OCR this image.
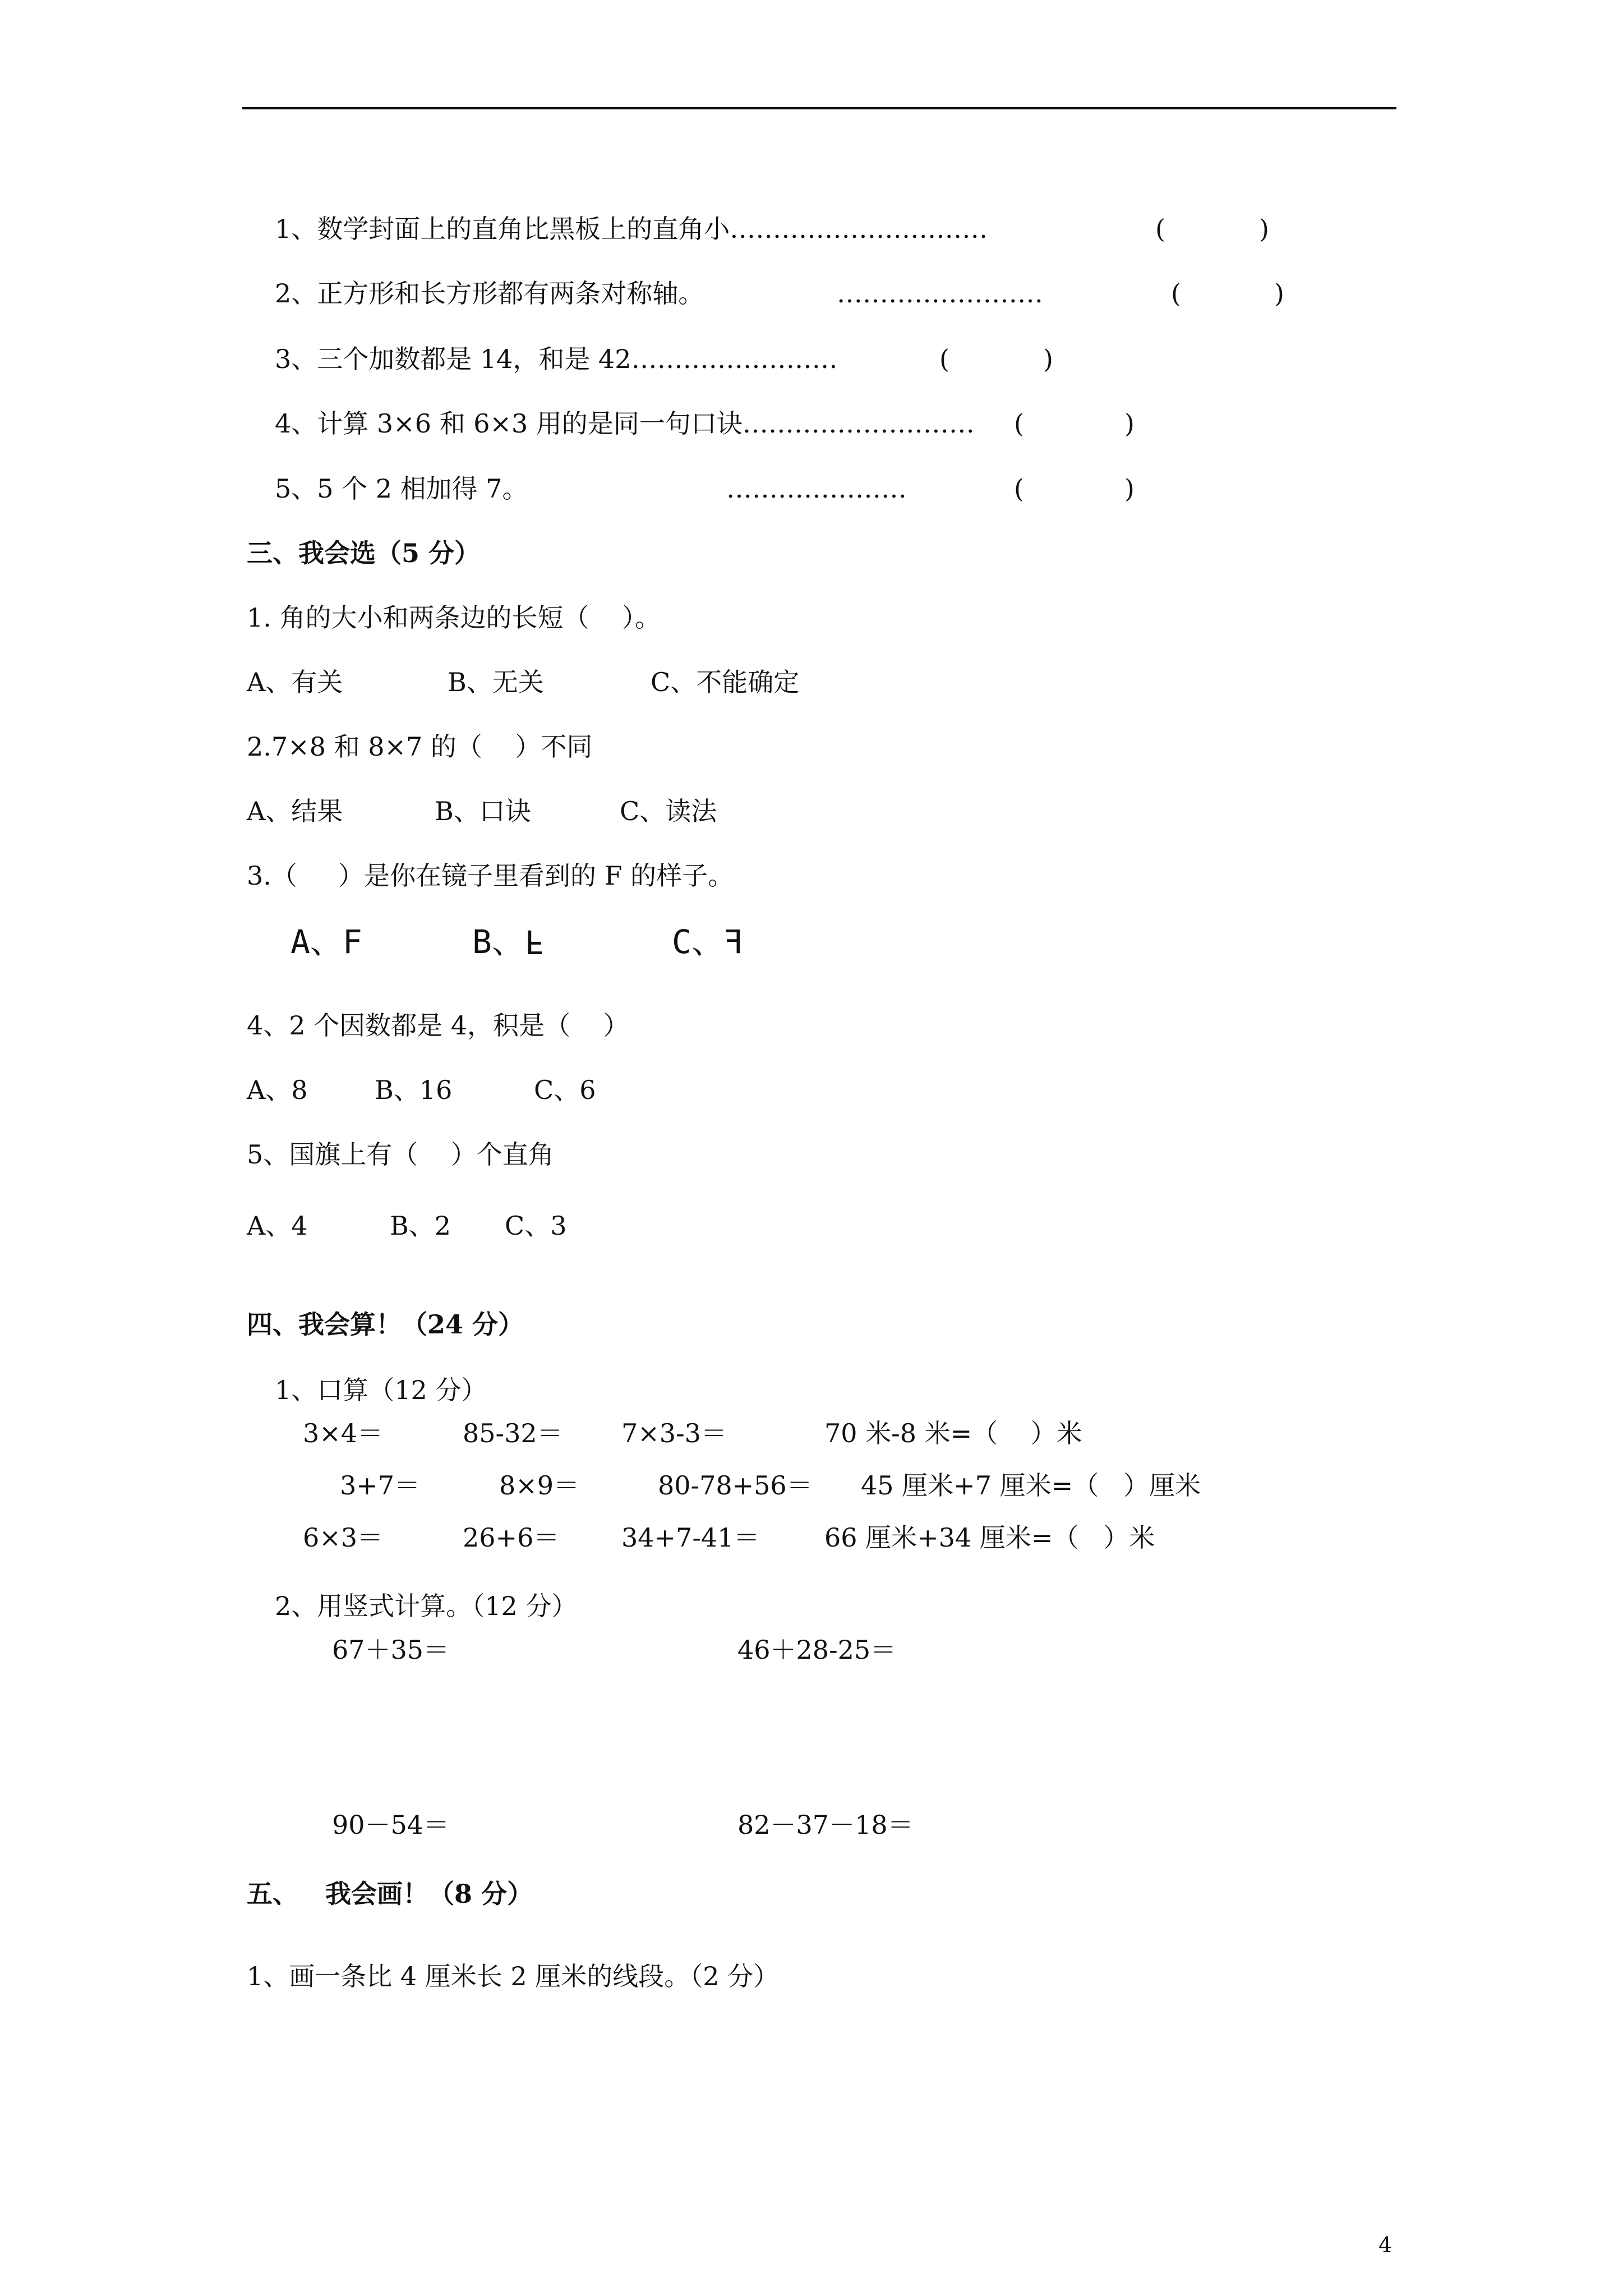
1、数学封面上的直角比黑板上的直角小…………………………	(	)
2、正方形和长方形都有两条对称轴。	……………………	(	)
3、三个加数都是 14，和是 42……………………	(	)
4、计算 3×6 和 6×3 用的是同一句口诀……………………… (	)
5、5 个 2 相加得 7。	…………………	(	)
三、我会选（5 分）
1. 角的大小和两条边的长短（    ）。
A、有关	B、无关	C、不能确定
2.7×8 和 8×7 的（    ）不同
A、结果	B、口诀	C、读法
3.（     ）是你在镜子里看到的 F 的样子。
A、F	B、F	C、F
4、2 个因数都是 4，积是（    ）
A、8	B、16	C、6
5、国旗上有（    ）个直角
A、4	B、2 C、3
四、我会算！（24 分）
1、口算（12 分）
3×4＝	85-32＝ 7×3-3＝	70 米-8 米=（    ）米
3+7＝	8×9＝	80-78+56＝ 45 厘米+7 厘米=（   ）厘米
6×3＝	26+6＝ 34+7-41＝	66 厘米+34 厘米=（   ）米
2、用竖式计算。（12 分）
67＋35＝	46＋28-25＝
90－54＝	82－37－18＝
五、   我会画！（8 分）
1、画一条比 4 厘米长 2 厘米的线段。（2 分）
4
